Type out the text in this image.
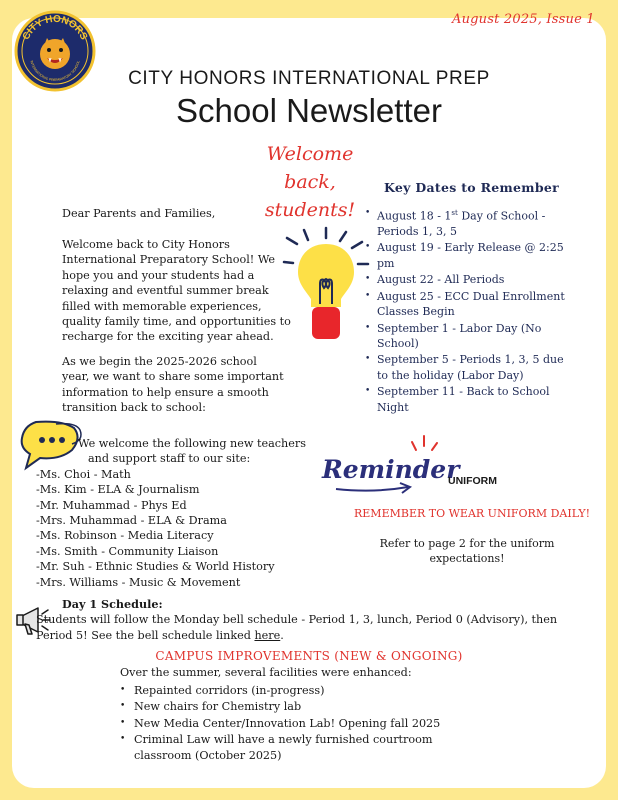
August 2025, Issue 1
CITY HONORS
INTERNATIONAL PREPARATORY SCHOOL
CITY HONORS INTERNATIONAL PREP
School Newsletter
Welcome back,
students!
Dear Parents and Families,
Welcome back to City Honors International Preparatory School! We hope you and your students had a relaxing and eventful summer break filled with memorable experiences, quality family time, and opportunities to recharge for the exciting year ahead.
As we begin the 2025-2026 school year, we want to share some important information to help ensure a smooth transition back to school:
Key Dates to Remember
• August 18 - 1st Day of School - Periods 1, 3, 5
• August 19 - Early Release @ 2:25 pm
• August 22 - All Periods
• August 25 - ECC Dual Enrollment Classes Begin
• September 1 - Labor Day (No School)
• September 5 - Periods 1, 3, 5 due to the holiday (Labor Day)
• September 11 - Back to School Night
We welcome the following new teachers
and support staff to our site:
-Ms. Choi - Math
-Ms. Kim - ELA & Journalism
-Mr. Muhammad - Phys Ed
-Mrs. Muhammad - ELA & Drama
-Ms. Robinson - Media Literacy
-Ms. Smith - Community Liaison
-Mr. Suh - Ethnic Studies & World History
-Mrs. Williams - Music & Movement
Reminder
UNIFORM
REMEMBER TO WEAR UNIFORM DAILY!
Refer to page 2 for the uniform expectations!
Day 1 Schedule:
Students will follow the Monday bell schedule - Period 1, 3, lunch, Period 0 (Advisory), then Period 5! See the bell schedule linked here.
CAMPUS IMPROVEMENTS (NEW & ONGOING)
Over the summer, several facilities were enhanced:
• Repainted corridors (in-progress)
• New chairs for Chemistry lab
• New Media Center/Innovation Lab! Opening fall 2025
• Criminal Law will have a newly furnished courtroom classroom (October 2025)
